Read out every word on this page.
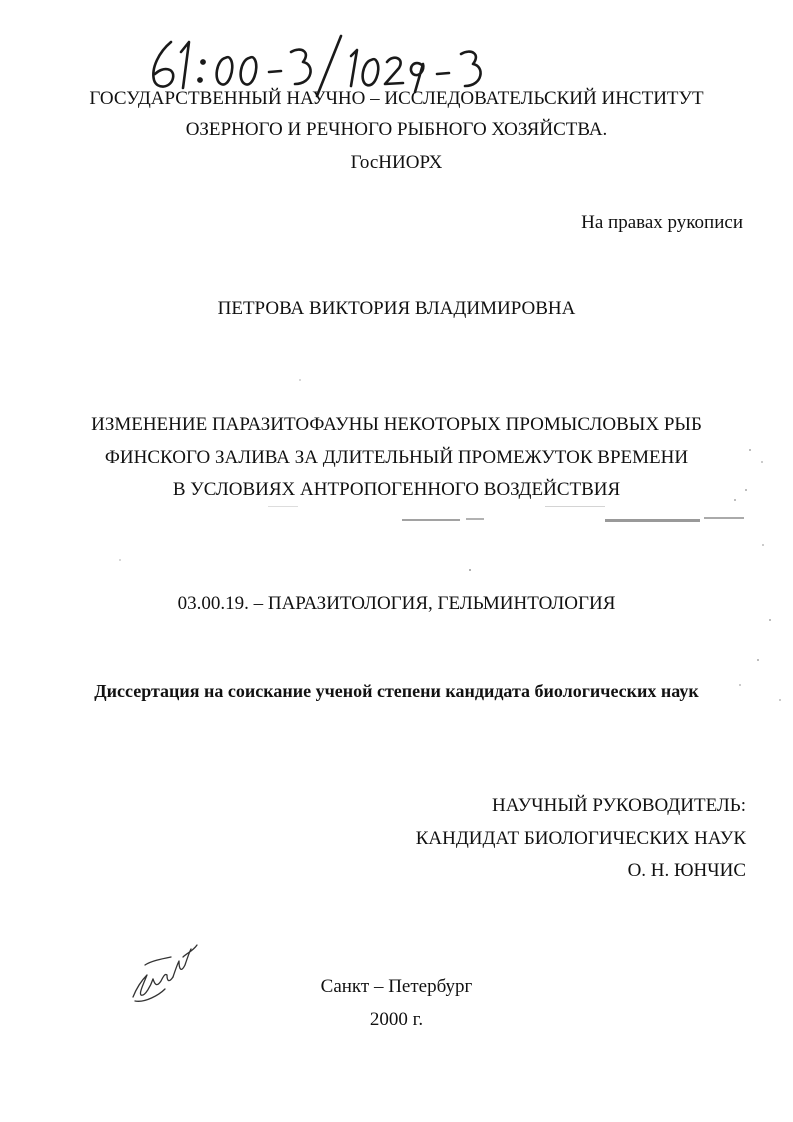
ГОСУДАРСТВЕННЫЙ НАУЧНО – ИССЛЕДОВАТЕЛЬСКИЙ ИНСТИТУТ
ОЗЕРНОГО И РЕЧНОГО РЫБНОГО ХОЗЯЙСТВА.
ГосНИОРХ
На правах рукописи
ПЕТРОВА ВИКТОРИЯ ВЛАДИМИРОВНА
ИЗМЕНЕНИЕ ПАРАЗИТОФАУНЫ НЕКОТОРЫХ ПРОМЫСЛОВЫХ РЫБ
ФИНСКОГО ЗАЛИВА ЗА ДЛИТЕЛЬНЫЙ ПРОМЕЖУТОК ВРЕМЕНИ
В УСЛОВИЯХ АНТРОПОГЕННОГО ВОЗДЕЙСТВИЯ
03.00.19. – ПАРАЗИТОЛОГИЯ, ГЕЛЬМИНТОЛОГИЯ
Диссертация на соискание ученой степени кандидата биологических наук
НАУЧНЫЙ РУКОВОДИТЕЛЬ:
КАНДИДАТ БИОЛОГИЧЕСКИХ НАУК
О. Н. ЮНЧИС
Санкт – Петербург
2000 г.
